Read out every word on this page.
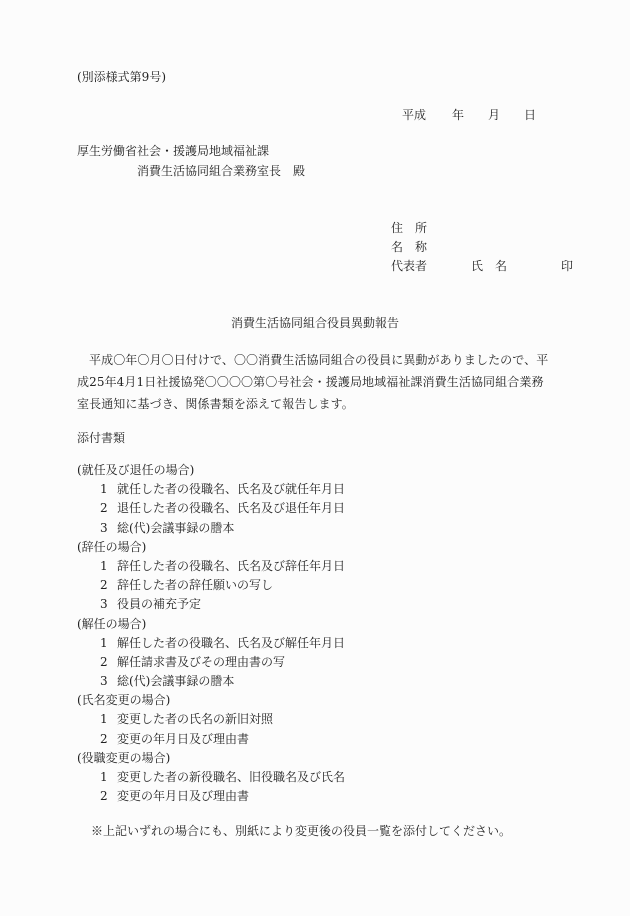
(別添様式第9号)
平成 年 月 日
厚生労働省社会・援護局地域福祉課
消費生活協同組合業務室長　殿
住　所
名　称
代表者	氏　名	印
消費生活協同組合役員異動報告
平成〇年〇月〇日付けで、〇〇消費生活協同組合の役員に異動がありましたので、平成25年4月1日社援協発〇〇〇〇第〇号社会・援護局地域福祉課消費生活協同組合業務室長通知に基づき、関係書類を添えて報告します。
添付書類
(就任及び退任の場合)
1 就任した者の役職名、氏名及び就任年月日
2 退任した者の役職名、氏名及び退任年月日
3 総(代)会議事録の謄本
(辞任の場合)
1 辞任した者の役職名、氏名及び辞任年月日
2 辞任した者の辞任願いの写し
3 役員の補充予定
(解任の場合)
1 解任した者の役職名、氏名及び解任年月日
2 解任請求書及びその理由書の写
3 総(代)会議事録の謄本
(氏名変更の場合)
1 変更した者の氏名の新旧対照
2 変更の年月日及び理由書
(役職変更の場合)
1 変更した者の新役職名、旧役職名及び氏名
2 変更の年月日及び理由書
※上記いずれの場合にも、別紙により変更後の役員一覧を添付してください。
